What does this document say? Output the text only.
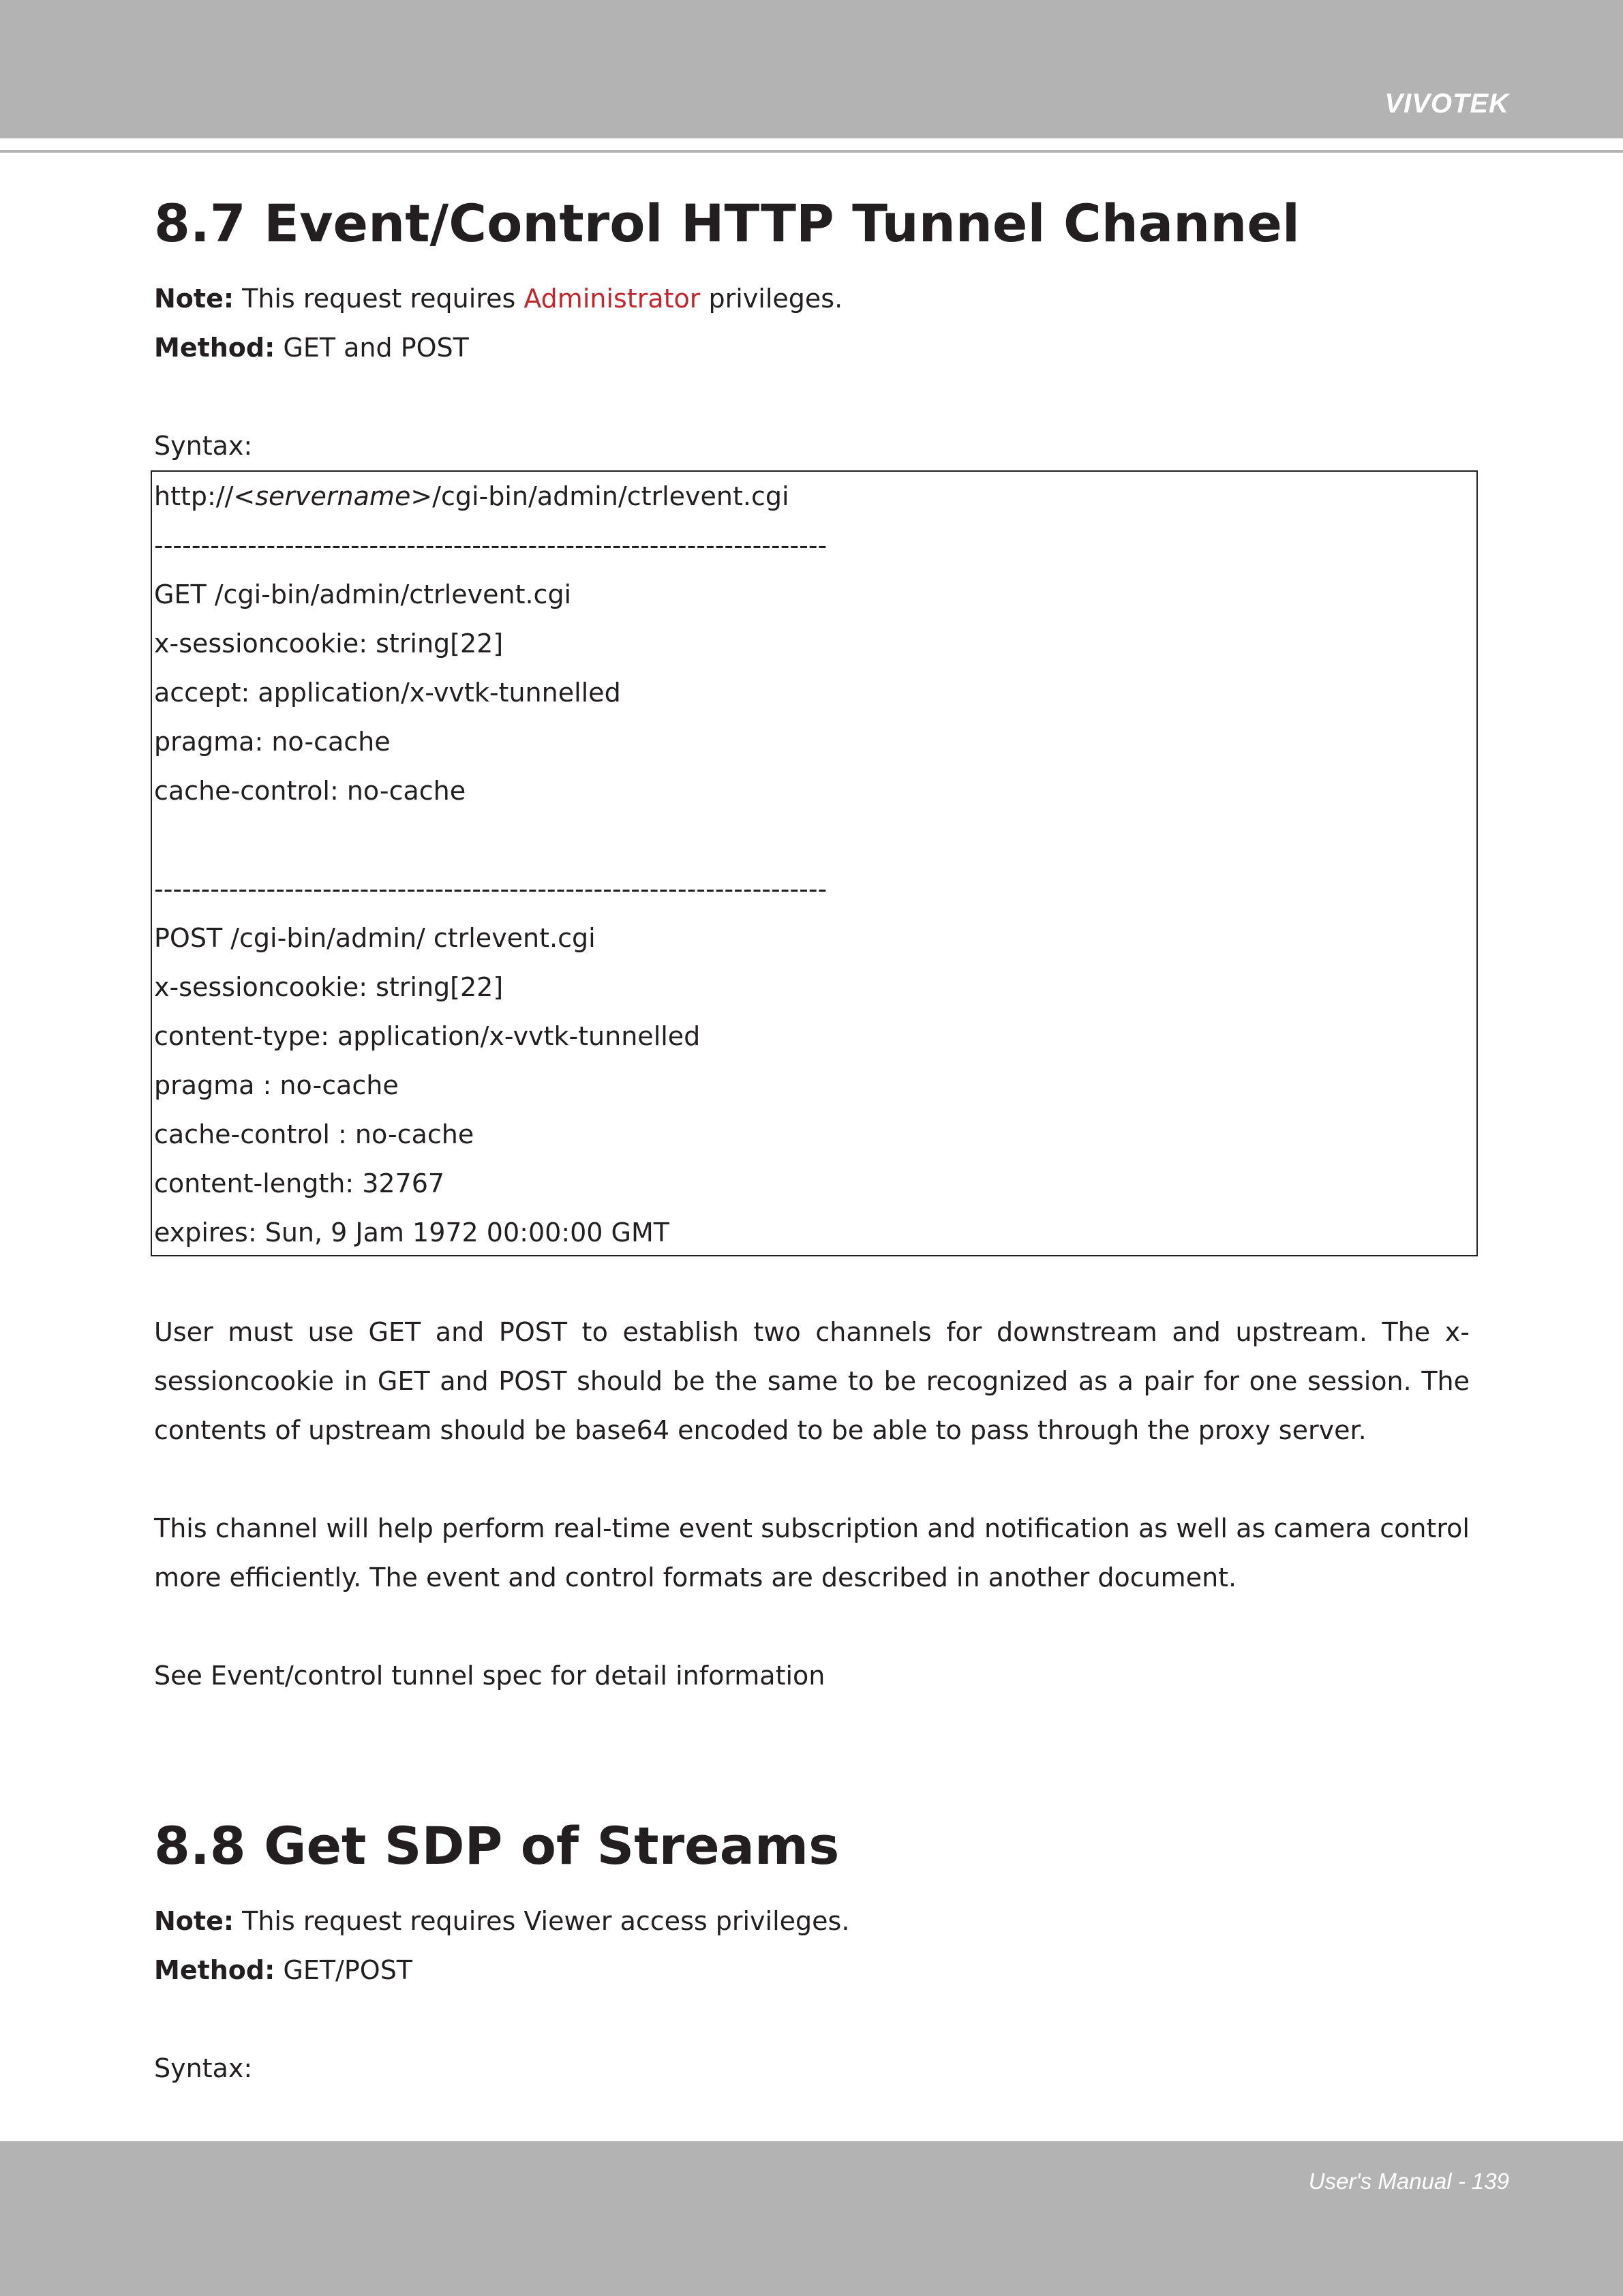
VIVOTEK
8.7 Event/Control HTTP Tunnel Channel
Note: This request requires Administrator privileges.
Method: GET and POST
Syntax:
http://<servername>/cgi-bin/admin/ctrlevent.cgi
------------------------------------------------------------------------
GET /cgi-bin/admin/ctrlevent.cgi
x-sessioncookie: string[22]
accept: application/x-vvtk-tunnelled
pragma: no-cache
cache-control: no-cache
------------------------------------------------------------------------
POST /cgi-bin/admin/ ctrlevent.cgi
x-sessioncookie: string[22]
content-type: application/x-vvtk-tunnelled
pragma : no-cache
cache-control : no-cache
content-length: 32767
expires: Sun, 9 Jam 1972 00:00:00 GMT

User must use GET and POST to establish two channels for downstream and upstream. The x-sessioncookie in GET and POST should be the same to be recognized as a pair for one session. The contents of upstream should be base64 encoded to be able to pass through the proxy server.

This channel will help perform real-time event subscription and notification as well as camera control more efficiently. The event and control formats are described in another document.

See Event/control tunnel spec for detail information

8.8 Get SDP of Streams
Note: This request requires Viewer access privileges.
Method: GET/POST
Syntax:
User's Manual - 139
